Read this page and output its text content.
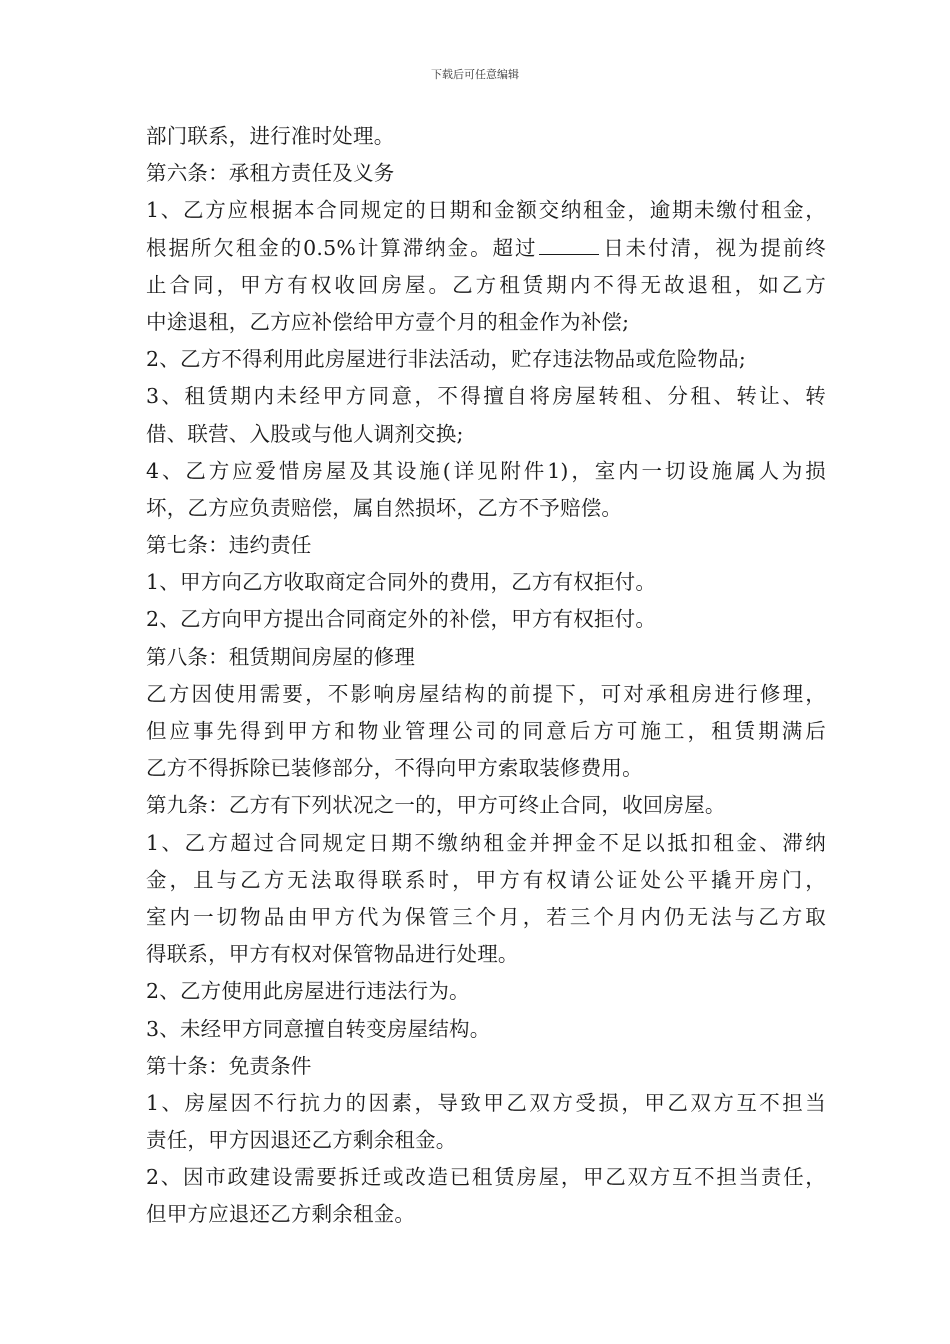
下载后可任意编辑
部门联系，进行准时处理。
第六条：承租方责任及义务
1、乙方应根据本合同规定的日期和金额交纳租金，逾期未缴付租金，
根据所欠租金的0.5%计算滞纳金。超过	日未付清，视为提前终
止合同，甲方有权收回房屋。乙方租赁期内不得无故退租，如乙方
中途退租，乙方应补偿给甲方壹个月的租金作为补偿;
2、乙方不得利用此房屋进行非法活动，贮存违法物品或危险物品;
3、租赁期内未经甲方同意，不得擅自将房屋转租、分租、转让、转
借、联营、入股或与他人调剂交换;
4、乙方应爱惜房屋及其设施(详见附件1)，室内一切设施属人为损
坏，乙方应负责赔偿，属自然损坏，乙方不予赔偿。
第七条：违约责任
1、甲方向乙方收取商定合同外的费用，乙方有权拒付。
2、乙方向甲方提出合同商定外的补偿，甲方有权拒付。
第八条：租赁期间房屋的修理
乙方因使用需要，不影响房屋结构的前提下，可对承租房进行修理，
但应事先得到甲方和物业管理公司的同意后方可施工，租赁期满后
乙方不得拆除已装修部分，不得向甲方索取装修费用。
第九条：乙方有下列状况之一的，甲方可终止合同，收回房屋。
1、乙方超过合同规定日期不缴纳租金并押金不足以抵扣租金、滞纳
金，且与乙方无法取得联系时，甲方有权请公证处公平撬开房门，
室内一切物品由甲方代为保管三个月，若三个月内仍无法与乙方取
得联系，甲方有权对保管物品进行处理。
2、乙方使用此房屋进行违法行为。
3、未经甲方同意擅自转变房屋结构。
第十条：免责条件
1、房屋因不行抗力的因素，导致甲乙双方受损，甲乙双方互不担当
责任，甲方因退还乙方剩余租金。
2、因市政建设需要拆迁或改造已租赁房屋，甲乙双方互不担当责任，
但甲方应退还乙方剩余租金。
